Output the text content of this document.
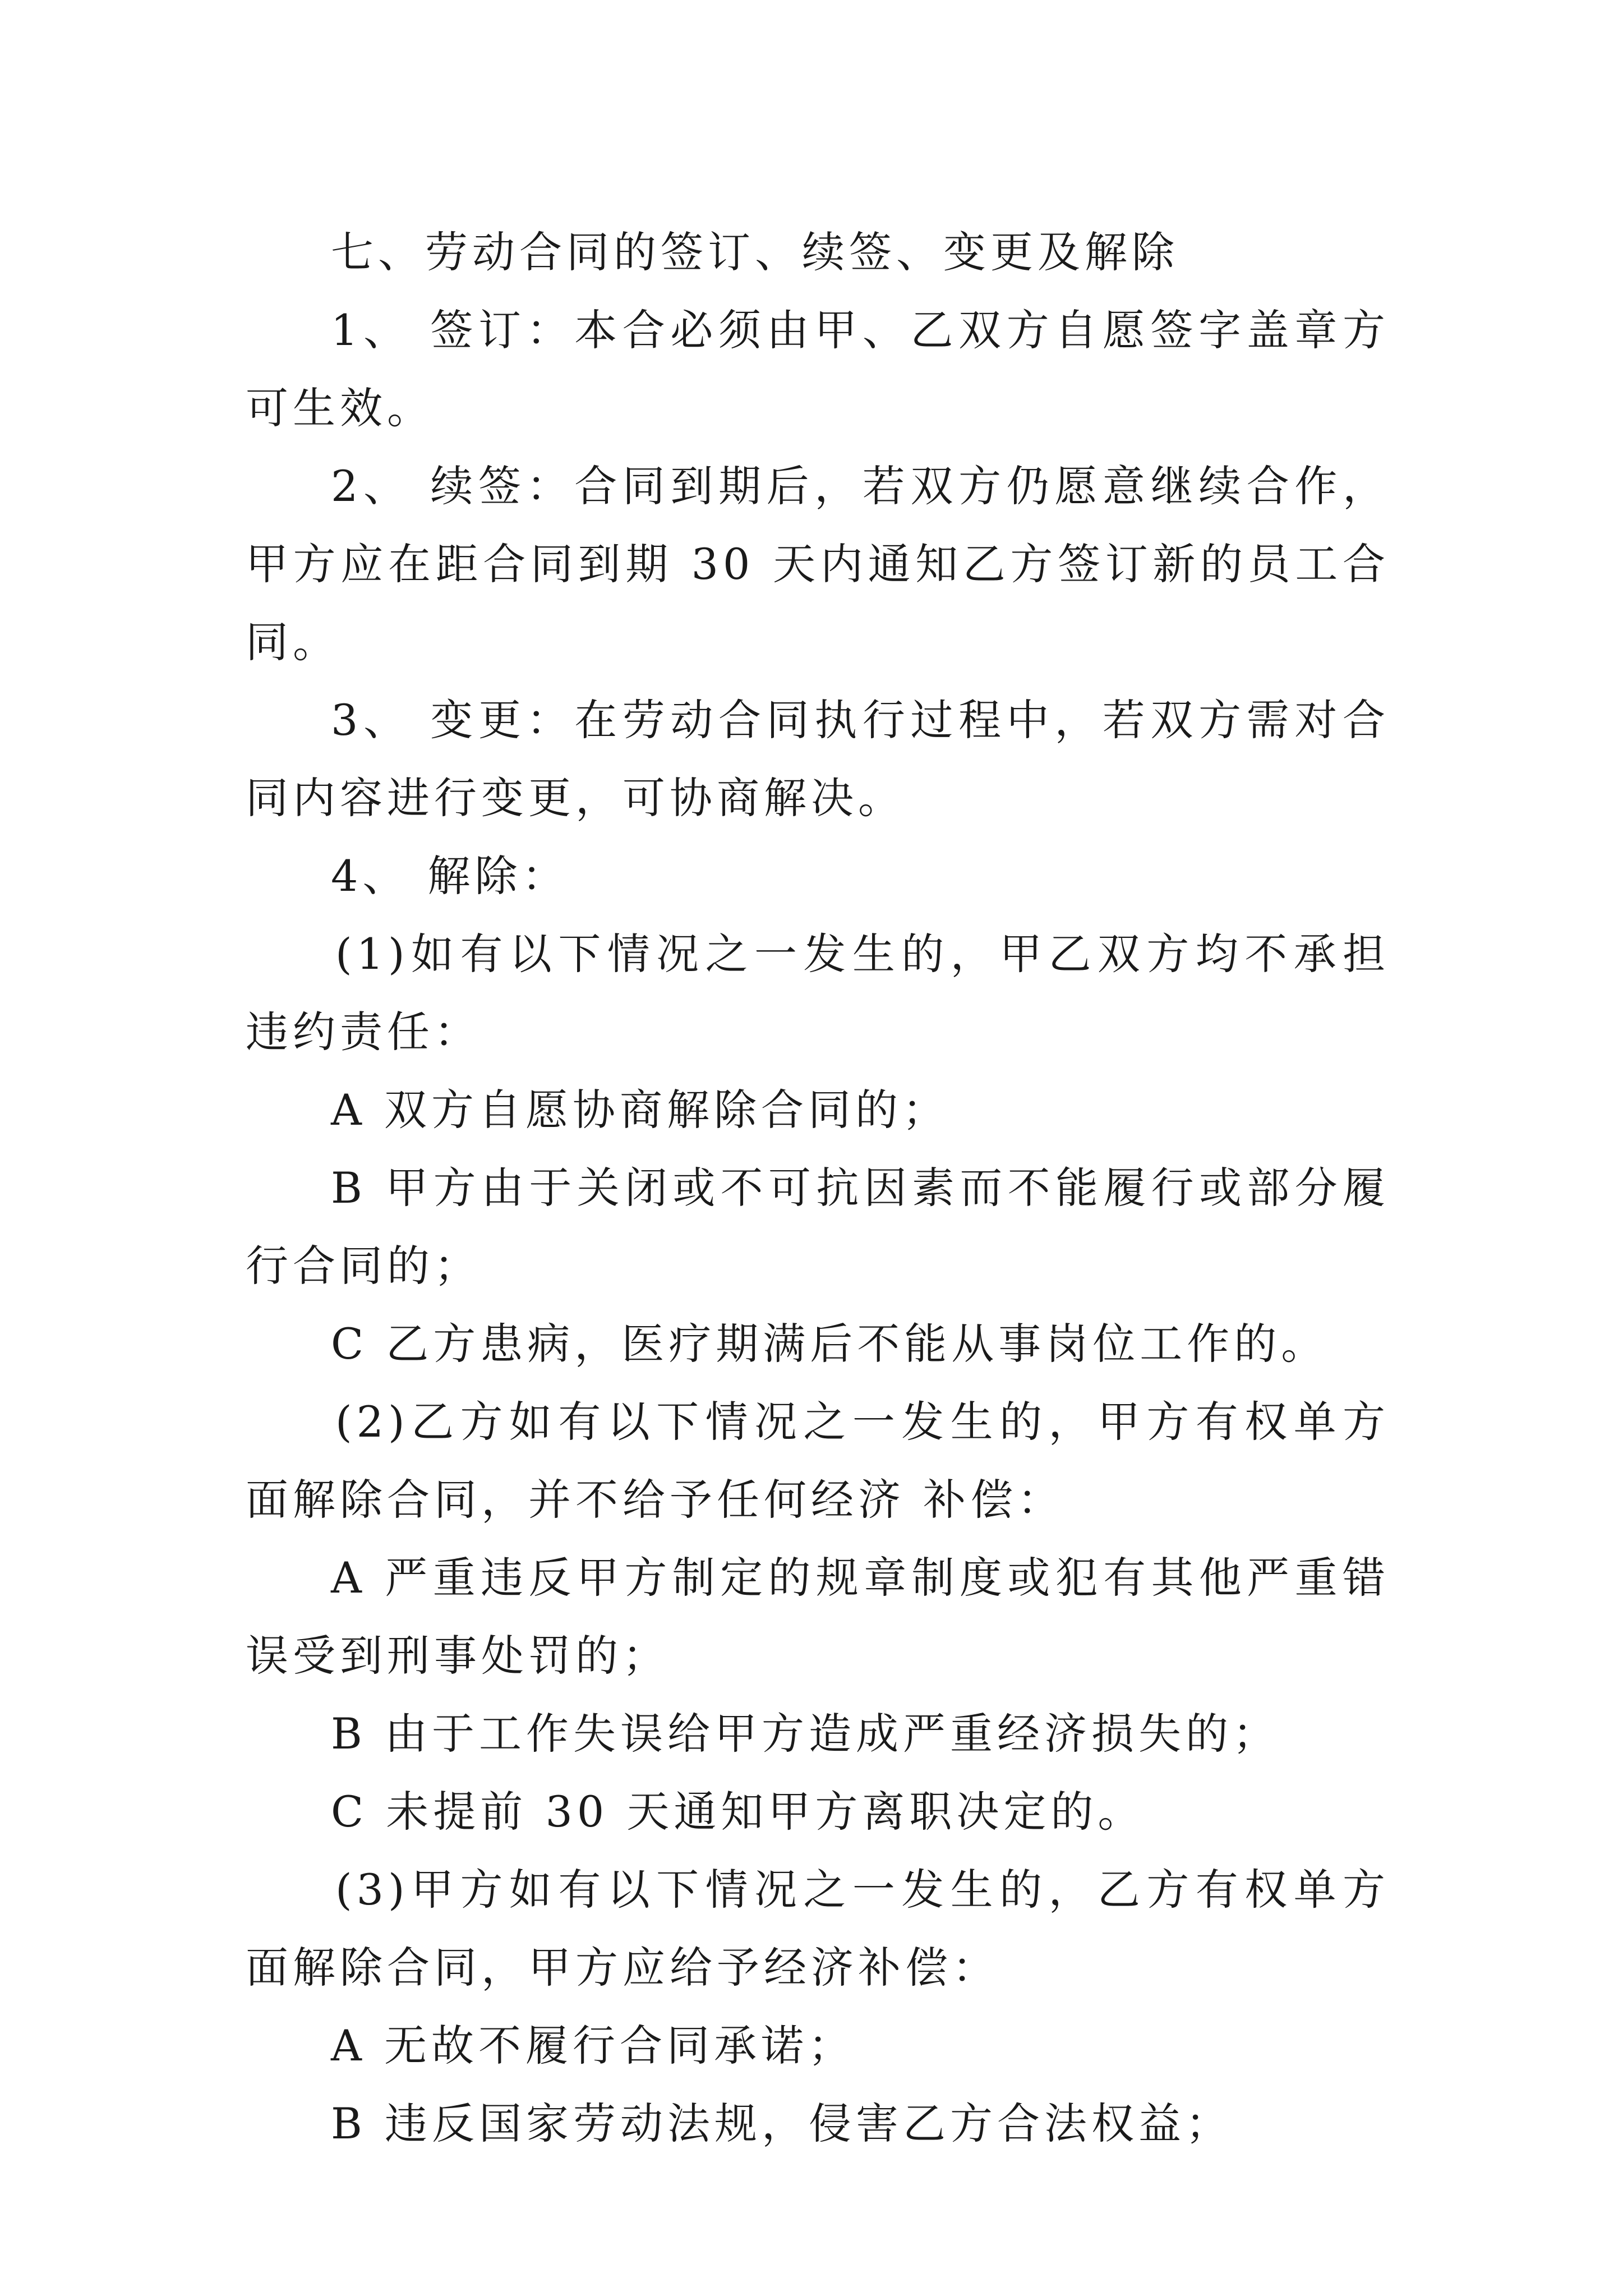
七、劳动合同的签订、续签、变更及解除

1、 签订：本合必须由甲、乙双方自愿签字盖章方可生效。

2、 续签：合同到期后，若双方仍愿意继续合作，甲方应在距合同到期 30 天内通知乙方签订新的员工合同。

3、 变更：在劳动合同执行过程中，若双方需对合同内容进行变更，可协商解决。

4、 解除：

(1)如有以下情况之一发生的，甲乙双方均不承担违约责任：

A 双方自愿协商解除合同的；

B 甲方由于关闭或不可抗因素而不能履行或部分履行合同的；

C 乙方患病，医疗期满后不能从事岗位工作的。

(2)乙方如有以下情况之一发生的，甲方有权单方面解除合同，并不给予任何经济 补偿：

A 严重违反甲方制定的规章制度或犯有其他严重错误受到刑事处罚的；

B 由于工作失误给甲方造成严重经济损失的；

C 未提前 30 天通知甲方离职决定的。

(3)甲方如有以下情况之一发生的，乙方有权单方面解除合同，甲方应给予经济补偿：

A 无故不履行合同承诺；

B 违反国家劳动法规，侵害乙方合法权益；
